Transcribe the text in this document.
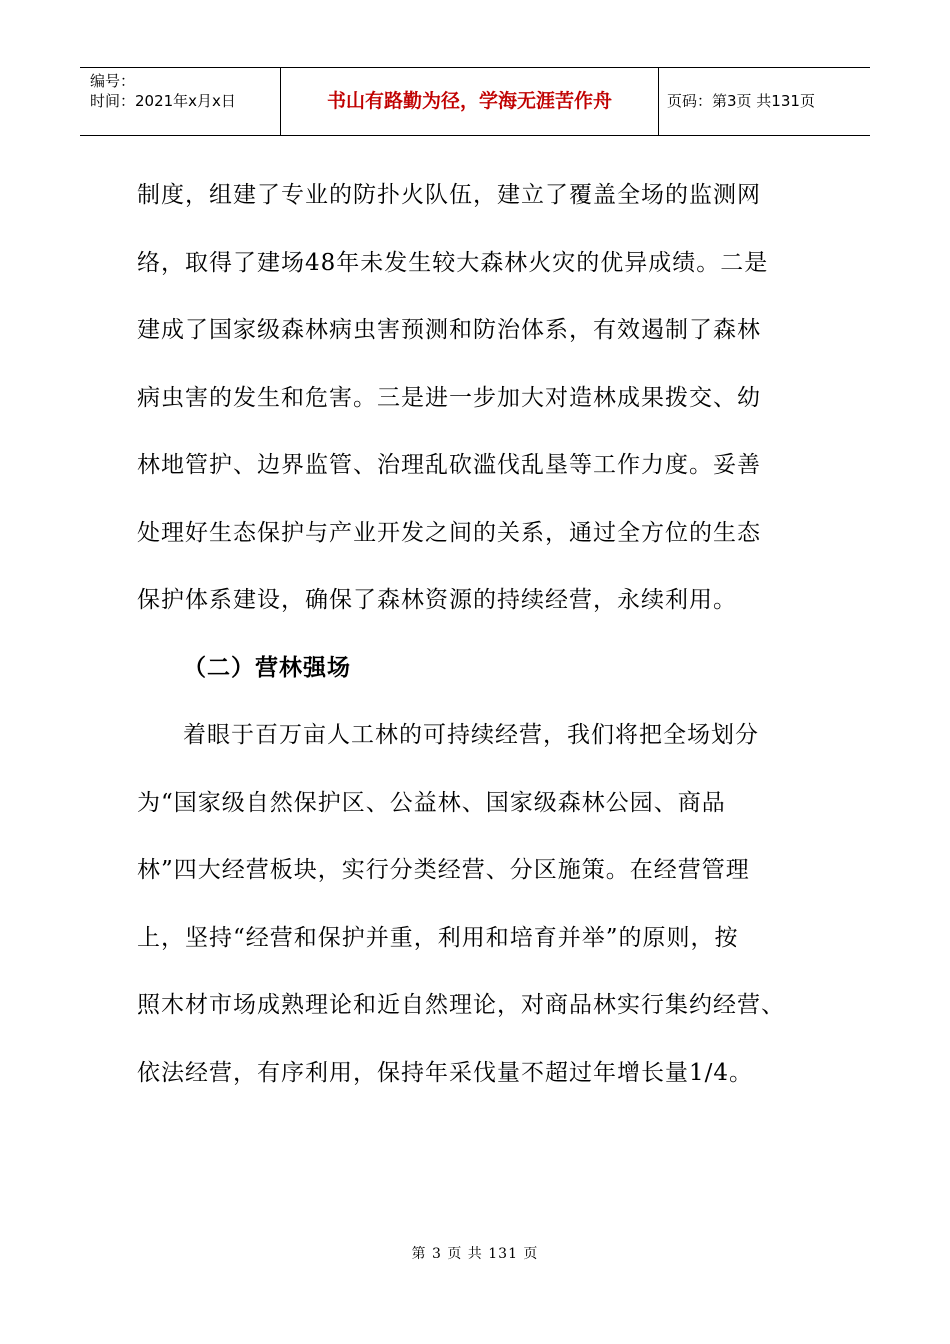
编号：
时间：2021年x月x日	书山有路勤为径，学海无涯苦作舟	页码：第3页 共131页
制度，组建了专业的防扑火队伍，建立了覆盖全场的监测网
络，取得了建场48年未发生较大森林火灾的优异成绩。二是
建成了国家级森林病虫害预测和防治体系，有效遏制了森林
病虫害的发生和危害。三是进一步加大对造林成果拨交、幼
林地管护、边界监管、治理乱砍滥伐乱垦等工作力度。妥善
处理好生态保护与产业开发之间的关系，通过全方位的生态
保护体系建设，确保了森林资源的持续经营，永续利用。
（二）营林强场
着眼于百万亩人工林的可持续经营，我们将把全场划分
为“国家级自然保护区、公益林、国家级森林公园、商品
林”四大经营板块，实行分类经营、分区施策。在经营管理
上，坚持“经营和保护并重，利用和培育并举”的原则，按
照木材市场成熟理论和近自然理论，对商品林实行集约经营、
依法经营，有序利用，保持年采伐量不超过年增长量1/4。
第 3 页 共 131 页
